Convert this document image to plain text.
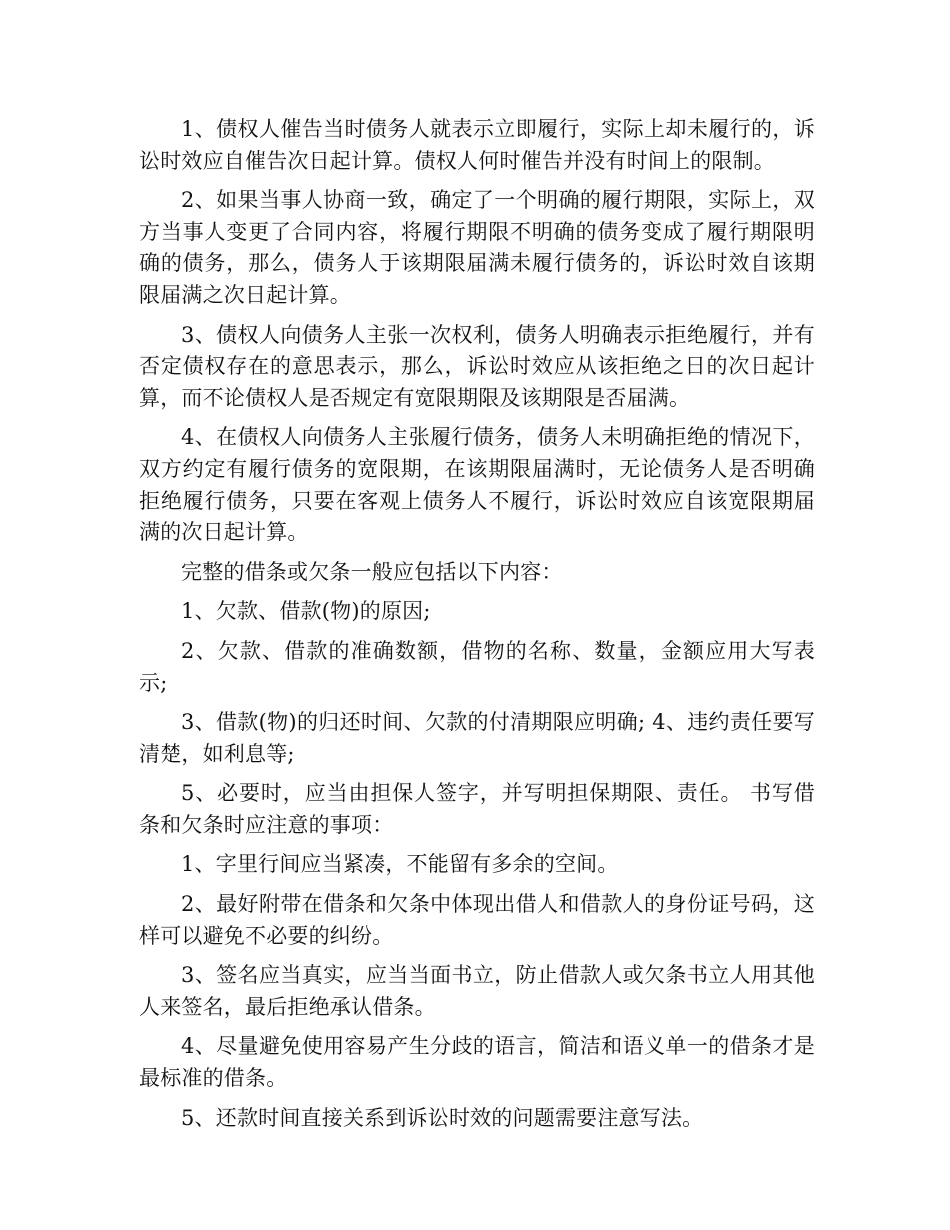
1、债权人催告当时债务人就表示立即履行，实际上却未履行的，诉讼时效应自催告次日起计算。债权人何时催告并没有时间上的限制。

2、如果当事人协商一致，确定了一个明确的履行期限，实际上，双方当事人变更了合同内容，将履行期限不明确的债务变成了履行期限明确的债务，那么，债务人于该期限届满未履行债务的，诉讼时效自该期限届满之次日起计算。

3、债权人向债务人主张一次权利，债务人明确表示拒绝履行，并有否定债权存在的意思表示，那么，诉讼时效应从该拒绝之日的次日起计算，而不论债权人是否规定有宽限期限及该期限是否届满。

4、在债权人向债务人主张履行债务，债务人未明确拒绝的情况下，双方约定有履行债务的宽限期，在该期限届满时，无论债务人是否明确拒绝履行债务，只要在客观上债务人不履行，诉讼时效应自该宽限期届满的次日起计算。

完整的借条或欠条一般应包括以下内容：

1、欠款、借款(物)的原因;

2、欠款、借款的准确数额，借物的名称、数量，金额应用大写表示;

3、借款(物)的归还时间、欠款的付清期限应明确; 4、违约责任要写清楚，如利息等;

5、必要时，应当由担保人签字，并写明担保期限、责任。 书写借条和欠条时应注意的事项：

1、字里行间应当紧凑，不能留有多余的空间。

2、最好附带在借条和欠条中体现出借人和借款人的身份证号码，这样可以避免不必要的纠纷。

3、签名应当真实，应当当面书立，防止借款人或欠条书立人用其他人来签名，最后拒绝承认借条。

4、尽量避免使用容易产生分歧的语言，简洁和语义单一的借条才是最标准的借条。

5、还款时间直接关系到诉讼时效的问题需要注意写法。
